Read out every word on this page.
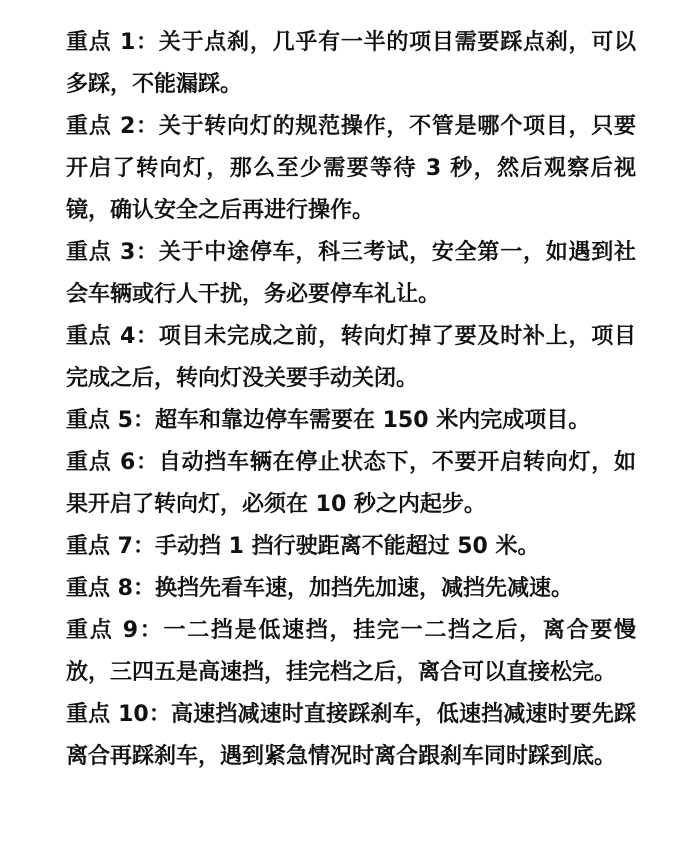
重点 1：关于点刹，几乎有一半的项目需要踩点刹，可以多踩，不能漏踩。

重点 2：关于转向灯的规范操作，不管是哪个项目，只要开启了转向灯，那么至少需要等待 3 秒，然后观察后视镜，确认安全之后再进行操作。

重点 3：关于中途停车，科三考试，安全第一，如遇到社会车辆或行人干扰，务必要停车礼让。

重点 4：项目未完成之前，转向灯掉了要及时补上，项目完成之后，转向灯没关要手动关闭。

重点 5：超车和靠边停车需要在 150 米内完成项目。

重点 6：自动挡车辆在停止状态下，不要开启转向灯，如果开启了转向灯，必须在 10 秒之内起步。

重点 7：手动挡 1 挡行驶距离不能超过 50 米。

重点 8：换挡先看车速，加挡先加速，减挡先减速。

重点 9：一二挡是低速挡，挂完一二挡之后，离合要慢放，三四五是高速挡，挂完档之后，离合可以直接松完。

重点 10：高速挡减速时直接踩刹车，低速挡减速时要先踩离合再踩刹车，遇到紧急情况时离合跟刹车同时踩到底。
